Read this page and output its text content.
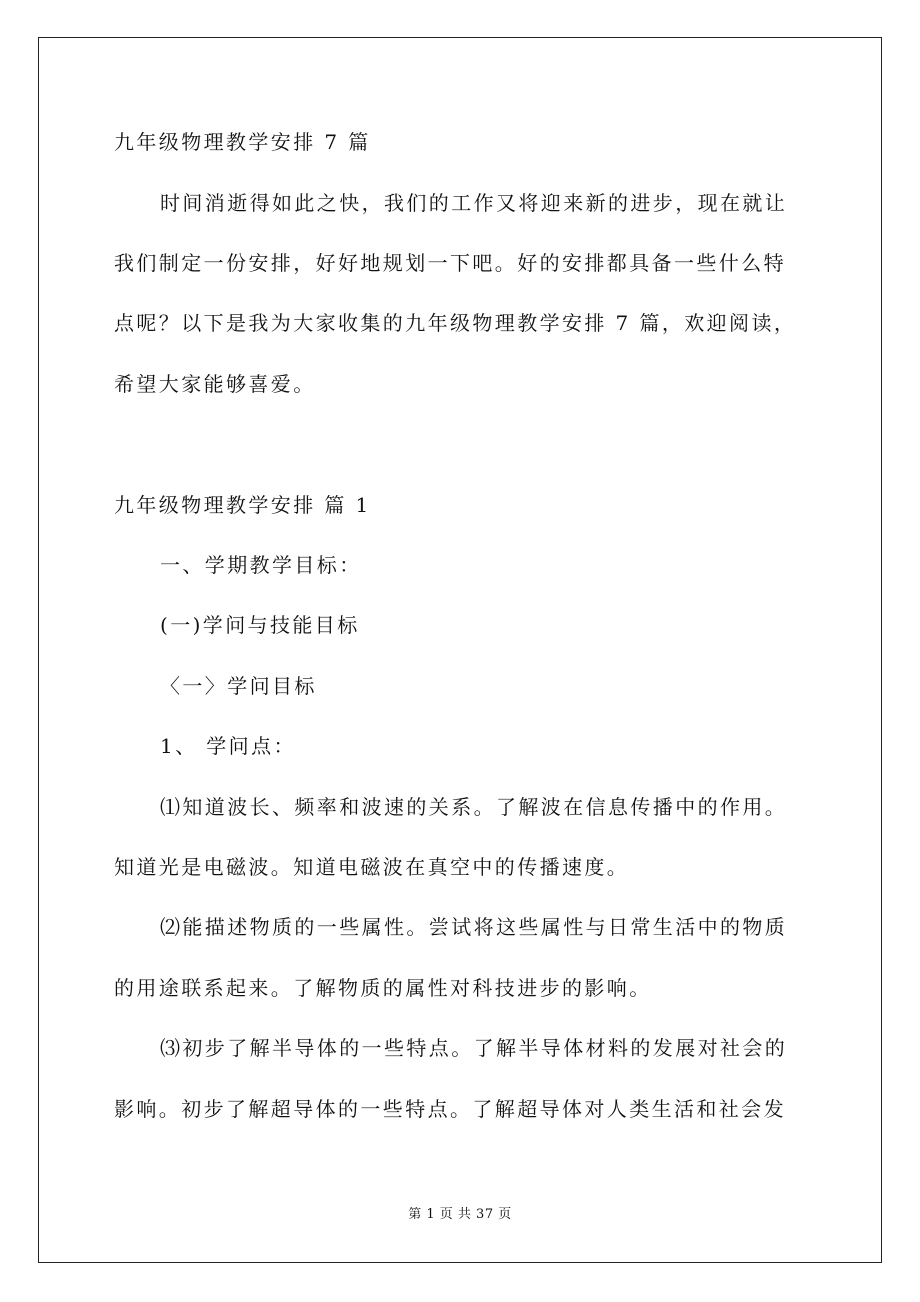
九年级物理教学安排 7 篇
时间消逝得如此之快，我们的工作又将迎来新的进步，现在就让
我们制定一份安排，好好地规划一下吧。好的安排都具备一些什么特
点呢？以下是我为大家收集的九年级物理教学安排 7 篇，欢迎阅读，
希望大家能够喜爱。
九年级物理教学安排 篇 1
一、学期教学目标：
(一)学问与技能目标
〈一〉学问目标
1、 学问点：
⑴知道波长、频率和波速的关系。了解波在信息传播中的作用。
知道光是电磁波。知道电磁波在真空中的传播速度。
⑵能描述物质的一些属性。尝试将这些属性与日常生活中的物质
的用途联系起来。了解物质的属性对科技进步的影响。
⑶初步了解半导体的一些特点。了解半导体材料的发展对社会的
影响。初步了解超导体的一些特点。了解超导体对人类生活和社会发
第 1 页 共 37 页
